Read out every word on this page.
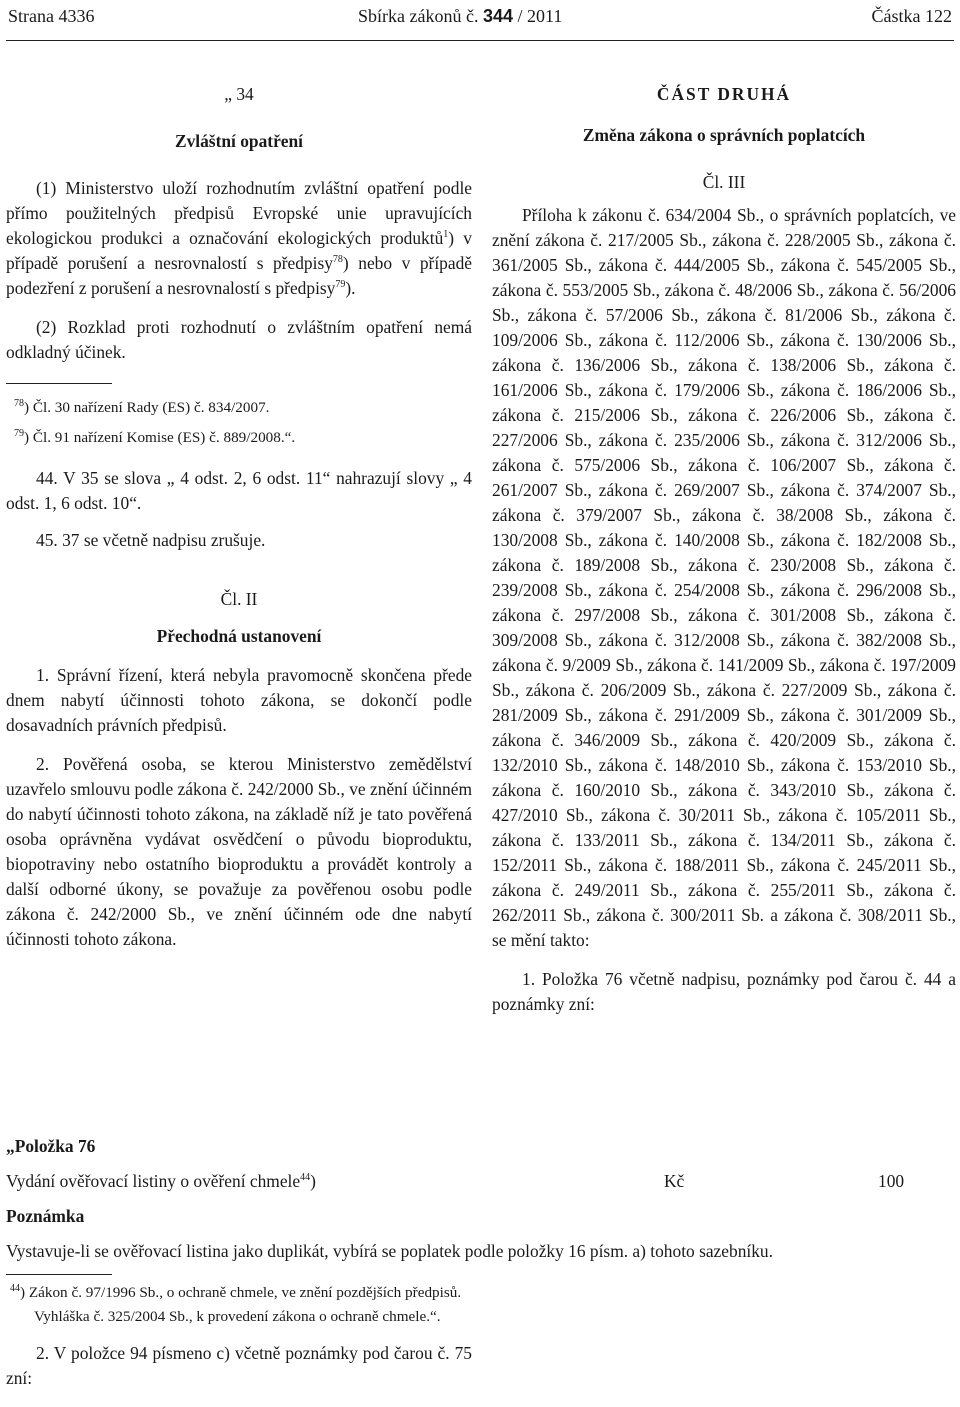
Strana 4336	Sbírka zákonů č. 344 / 2011	Částka 122
„ 34
Zvláštní opatření

(1) Ministerstvo uloží rozhodnutím zvláštní opatření podle přímo použitelných předpisů Evropské unie upravujících ekologickou produkci a označování ekologických produktů$^1$) v případě porušení a nesrovnalostí s předpisy$^{78}$) nebo v případě podezření z porušení a nesrovnalostí s předpisy$^{79}$).

(2) Rozklad proti rozhodnutí o zvláštním opatření nemá odkladný účinek.

$^{78}$) Čl. 30 nařízení Rady (ES) č. 834/2007.

$^{79}$) Čl. 91 nařízení Komise (ES) č. 889/2008.“.

44. V 35 se slova „ 4 odst. 2, 6 odst. 11“ nahrazují slovy „ 4 odst. 1, 6 odst. 10“.

45. 37 se včetně nadpisu zrušuje.

Čl. II
Přechodná ustanovení

1. Správní řízení, která nebyla pravomocně skončena přede dnem nabytí účinnosti tohoto zákona, se dokončí podle dosavadních právních předpisů.

2. Pověřená osoba, se kterou Ministerstvo zemědělství uzavřelo smlouvu podle zákona č. 242/2000 Sb., ve znění účinném do nabytí účinnosti tohoto zákona, na základě níž je tato pověřená osoba oprávněna vydávat osvědčení o původu bioproduktu, biopotraviny nebo ostatního bioproduktu a provádět kontroly a další odborné úkony, se považuje za pověřenou osobu podle zákona č. 242/2000 Sb., ve znění účinném ode dne nabytí účinnosti tohoto zákona.

ČÁST DRUHÁ
Změna zákona o správních poplatcích
Čl. III

Příloha k zákonu č. 634/2004 Sb., o správních poplatcích, ve znění zákona č. 217/2005 Sb., zákona č. 228/2005 Sb., zákona č. 361/2005 Sb., zákona č. 444/2005 Sb., zákona č. 545/2005 Sb., zákona č. 553/2005 Sb., zákona č. 48/2006 Sb., zákona č. 56/2006 Sb., zákona č. 57/2006 Sb., zákona č. 81/2006 Sb., zákona č. 109/2006 Sb., zákona č. 112/2006 Sb., zákona č. 130/2006 Sb., zákona č. 136/2006 Sb., zákona č. 138/2006 Sb., zákona č. 161/2006 Sb., zákona č. 179/2006 Sb., zákona č. 186/2006 Sb., zákona č. 215/2006 Sb., zákona č. 226/2006 Sb., zákona č. 227/2006 Sb., zákona č. 235/2006 Sb., zákona č. 312/2006 Sb., zákona č. 575/2006 Sb., zákona č. 106/2007 Sb., zákona č. 261/2007 Sb., zákona č. 269/2007 Sb., zákona č. 374/2007 Sb., zákona č. 379/2007 Sb., zákona č. 38/2008 Sb., zákona č. 130/2008 Sb., zákona č. 140/2008 Sb., zákona č. 182/2008 Sb., zákona č. 189/2008 Sb., zákona č. 230/2008 Sb., zákona č. 239/2008 Sb., zákona č. 254/2008 Sb., zákona č. 296/2008 Sb., zákona č. 297/2008 Sb., zákona č. 301/2008 Sb., zákona č. 309/2008 Sb., zákona č. 312/2008 Sb., zákona č. 382/2008 Sb., zákona č. 9/2009 Sb., zákona č. 141/2009 Sb., zákona č. 197/2009 Sb., zákona č. 206/2009 Sb., zákona č. 227/2009 Sb., zákona č. 281/2009 Sb., zákona č. 291/2009 Sb., zákona č. 301/2009 Sb., zákona č. 346/2009 Sb., zákona č. 420/2009 Sb., zákona č. 132/2010 Sb., zákona č. 148/2010 Sb., zákona č. 153/2010 Sb., zákona č. 160/2010 Sb., zákona č. 343/2010 Sb., zákona č. 427/2010 Sb., zákona č. 30/2011 Sb., zákona č. 105/2011 Sb., zákona č. 133/2011 Sb., zákona č. 134/2011 Sb., zákona č. 152/2011 Sb., zákona č. 188/2011 Sb., zákona č. 245/2011 Sb., zákona č. 249/2011 Sb., zákona č. 255/2011 Sb., zákona č. 262/2011 Sb., zákona č. 300/2011 Sb. a zákona č. 308/2011 Sb., se mění takto:

1. Položka 76 včetně nadpisu, poznámky pod čarou č. 44 a poznámky zní:

„Položka 76
Vydání ověřovací listiny o ověření chmele$^{44}$)	Kč	100
Poznámka
Vystavuje-li se ověřovací listina jako duplikát, vybírá se poplatek podle položky 16 písm. a) tohoto sazebníku.
$^{44}$) Zákon č. 97/1996 Sb., o ochraně chmele, ve znění pozdějších předpisů.
Vyhláška č. 325/2004 Sb., k provedení zákona o ochraně chmele.“.
2. V položce 94 písmeno c) včetně poznámky pod čarou č. 75 zní:
